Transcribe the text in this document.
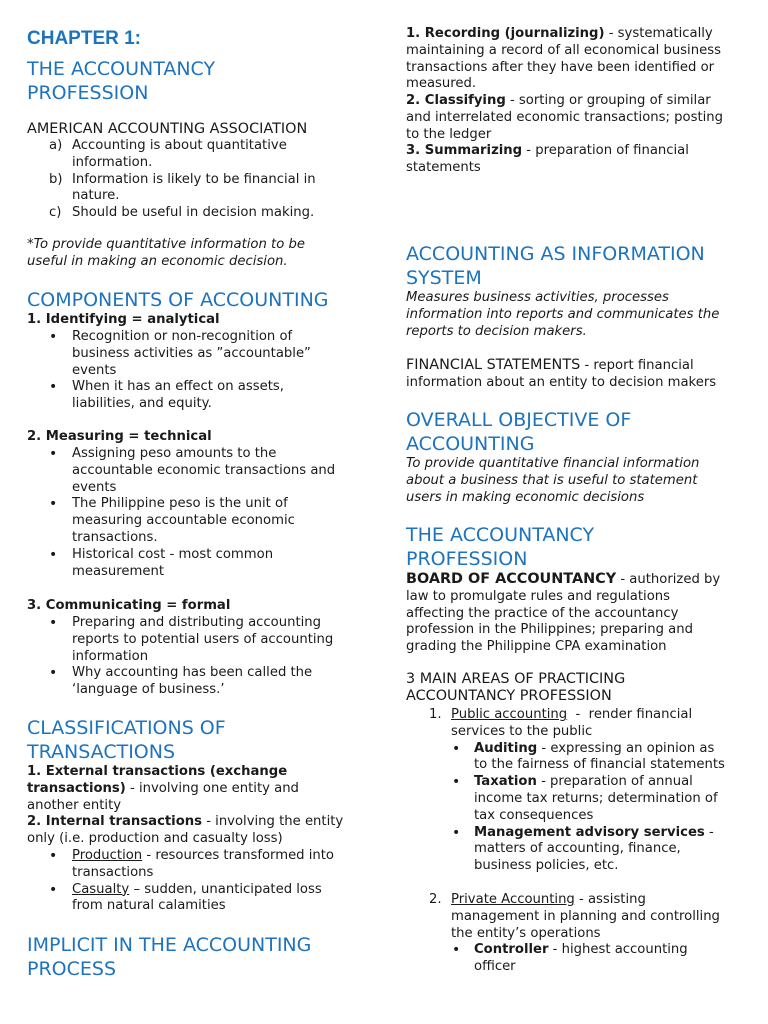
CHAPTER 1:
THE ACCOUNTANCY
PROFESSION
AMERICAN ACCOUNTING ASSOCIATION
a) Accounting is about quantitative
information.
b) Information is likely to be financial in
nature.
c) Should be useful in decision making.
*To provide quantitative information to be
useful in making an economic decision.
COMPONENTS OF ACCOUNTING
1. Identifying = analytical
• Recognition or non-recognition of
business activities as ”accountable”
events
• When it has an effect on assets,
liabilities, and equity.
2. Measuring = technical
• Assigning peso amounts to the
accountable economic transactions and
events
• The Philippine peso is the unit of
measuring accountable economic
transactions.
• Historical cost - most common
measurement
3. Communicating = formal
• Preparing and distributing accounting
reports to potential users of accounting
information
• Why accounting has been called the
‘language of business.’
CLASSIFICATIONS OF
TRANSACTIONS
1. External transactions (exchange
transactions) - involving one entity and
another entity
2. Internal transactions - involving the entity
only (i.e. production and casualty loss)
• Production - resources transformed into
transactions
• Casualty – sudden, unanticipated loss
from natural calamities
IMPLICIT IN THE ACCOUNTING
PROCESS
1. Recording (journalizing) - systematically
maintaining a record of all economical business
transactions after they have been identified or
measured.
2. Classifying - sorting or grouping of similar
and interrelated economic transactions; posting
to the ledger
3. Summarizing - preparation of financial
statements
ACCOUNTING AS INFORMATION
SYSTEM
Measures business activities, processes
information into reports and communicates the
reports to decision makers.
FINANCIAL STATEMENTS - report financial
information about an entity to decision makers
OVERALL OBJECTIVE OF
ACCOUNTING
To provide quantitative financial information
about a business that is useful to statement
users in making economic decisions
THE ACCOUNTANCY
PROFESSION
BOARD OF ACCOUNTANCY - authorized by
law to promulgate rules and regulations
affecting the practice of the accountancy
profession in the Philippines; preparing and
grading the Philippine CPA examination
3 MAIN AREAS OF PRACTICING
ACCOUNTANCY PROFESSION
1. Public accounting  -  render financial
services to the public
• Auditing - expressing an opinion as
to the fairness of financial statements
• Taxation - preparation of annual
income tax returns; determination of
tax consequences
• Management advisory services -
matters of accounting, finance,
business policies, etc.
2. Private Accounting - assisting
management in planning and controlling
the entity’s operations
• Controller - highest accounting
officer
